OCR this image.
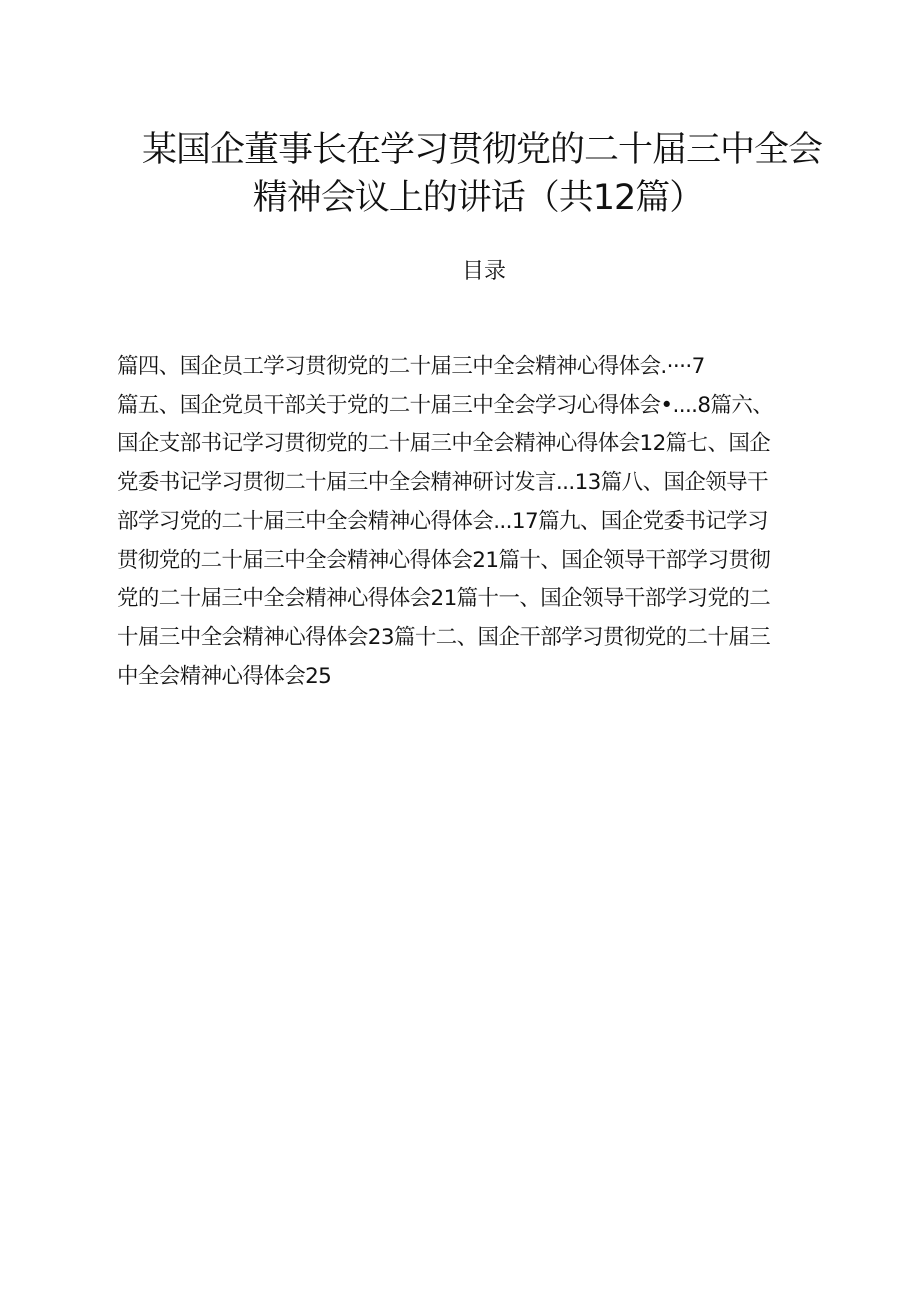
某国企董事长在学习贯彻党的二十届三中全会
精神会议上的讲话（共12篇）
目录
篇四、国企员工学习贯彻党的二十届三中全会精神心得体会.····7
篇五、国企党员干部关于党的二十届三中全会学习心得体会•....8篇六、
国企支部书记学习贯彻党的二十届三中全会精神心得体会12篇七、国企
党委书记学习贯彻二十届三中全会精神研讨发言...13篇八、国企领导干
部学习党的二十届三中全会精神心得体会...17篇九、国企党委书记学习
贯彻党的二十届三中全会精神心得体会21篇十、国企领导干部学习贯彻
党的二十届三中全会精神心得体会21篇十一、国企领导干部学习党的二
十届三中全会精神心得体会23篇十二、国企干部学习贯彻党的二十届三
中全会精神心得体会25
